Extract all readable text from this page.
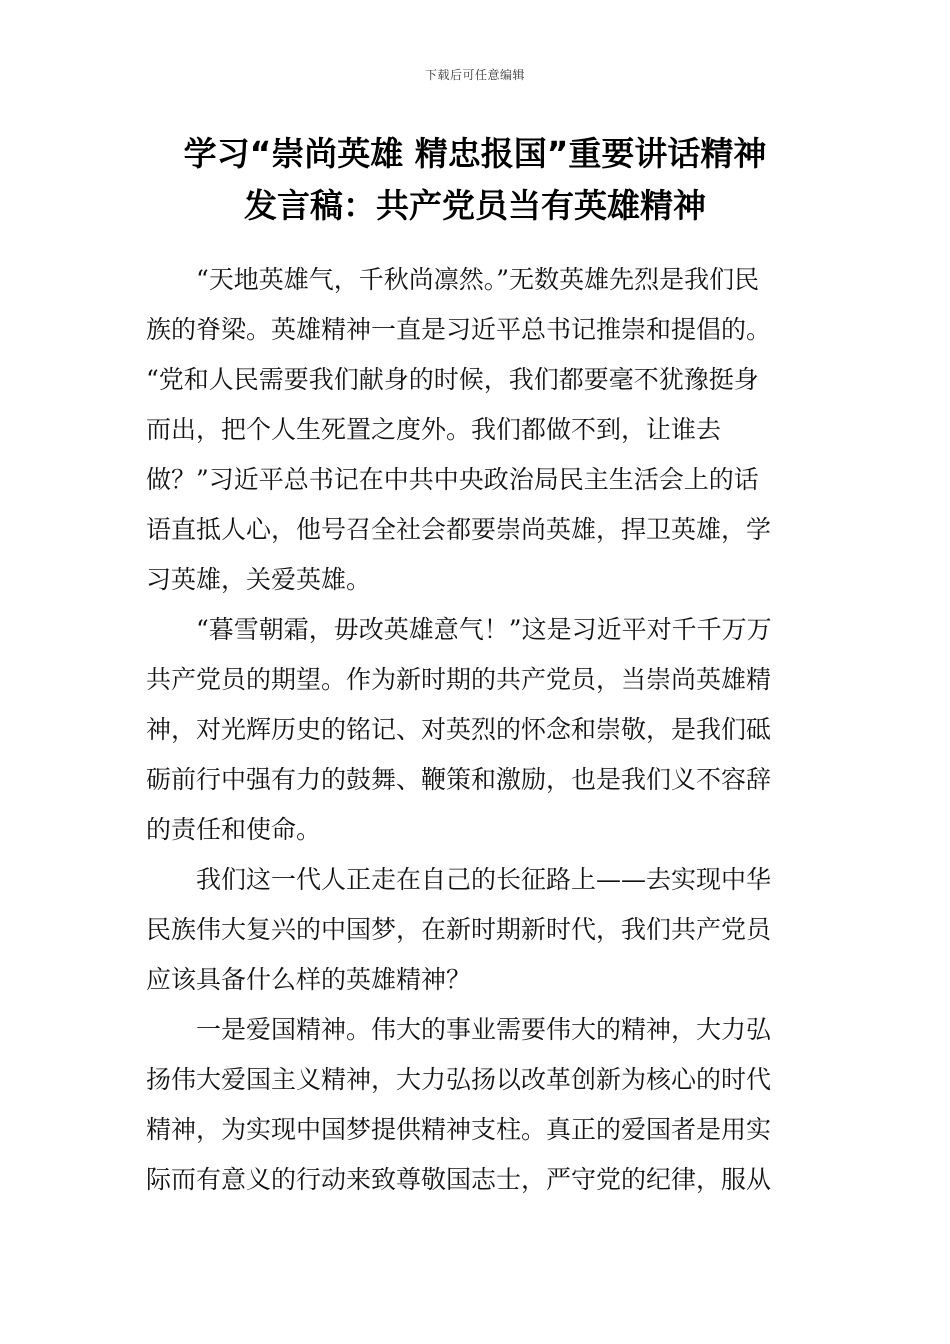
下载后可任意编辑
学习“崇尚英雄 精忠报国”重要讲话精神
发言稿：共产党员当有英雄精神

“天地英雄气，千秋尚凛然。”无数英雄先烈是我们民
族的脊梁。英雄精神一直是习近平总书记推崇和提倡的。
“党和人民需要我们献身的时候，我们都要毫不犹豫挺身
而出，把个人生死置之度外。我们都做不到，让谁去
做？”习近平总书记在中共中央政治局民主生活会上的话
语直抵人心，他号召全社会都要崇尚英雄，捍卫英雄，学
习英雄，关爱英雄。

“暮雪朝霜，毋改英雄意气！”这是习近平对千千万万
共产党员的期望。作为新时期的共产党员，当崇尚英雄精
神，对光辉历史的铭记、对英烈的怀念和崇敬，是我们砥
砺前行中强有力的鼓舞、鞭策和激励，也是我们义不容辞
的责任和使命。

我们这一代人正走在自己的长征路上——去实现中华
民族伟大复兴的中国梦，在新时期新时代，我们共产党员
应该具备什么样的英雄精神？

一是爱国精神。伟大的事业需要伟大的精神，大力弘
扬伟大爱国主义精神，大力弘扬以改革创新为核心的时代
精神，为实现中国梦提供精神支柱。真正的爱国者是用实
际而有意义的行动来致尊敬国志士，严守党的纪律，服从
